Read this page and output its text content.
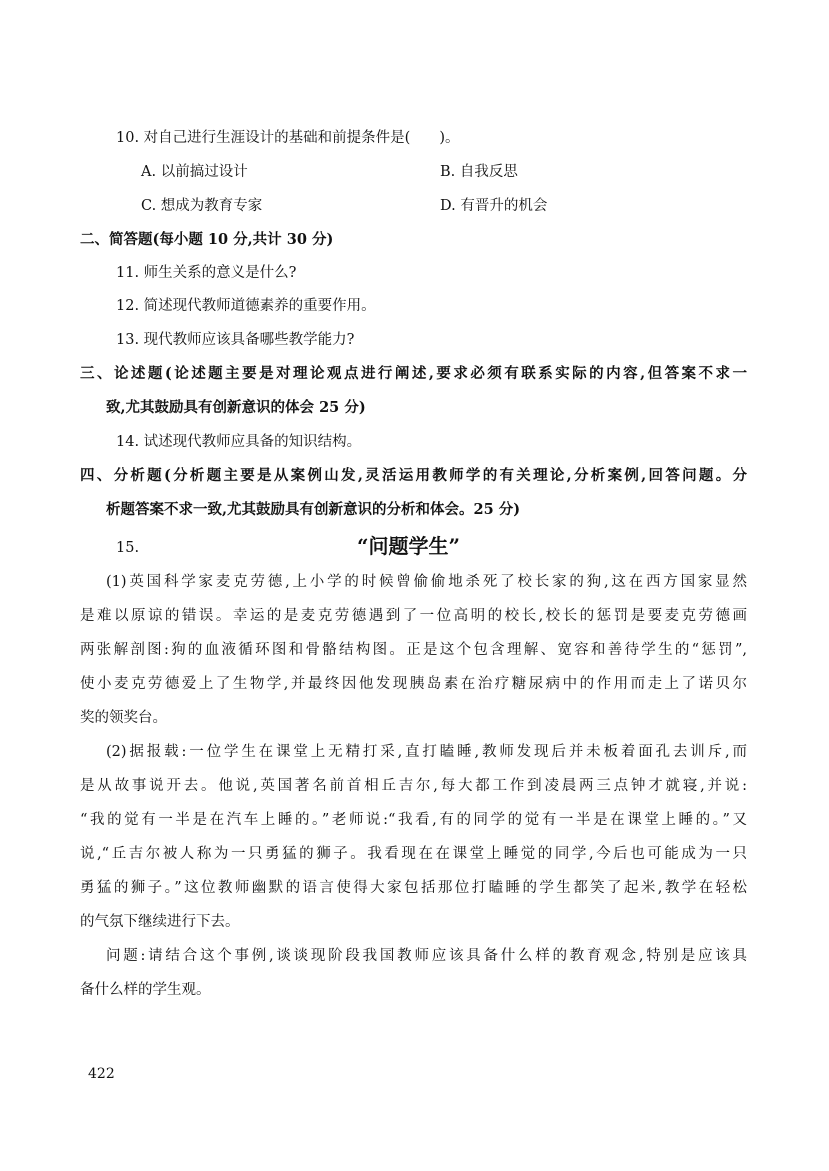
10. 对自己进行生涯设计的基础和前提条件是(　　)。
A. 以前搞过设计	B. 自我反思
C. 想成为教育专家	D. 有晋升的机会
二、简答题(每小题 10 分,共计 30 分)
11. 师生关系的意义是什么?
12. 简述现代教师道德素养的重要作用。
13. 现代教师应该具备哪些教学能力?
三、论述题(论述题主要是对理论观点进行阐述,要求必须有联系实际的内容,但答案不求一
致,尤其鼓励具有创新意识的体会 25 分)
14. 试述现代教师应具备的知识结构。
四、分析题(分析题主要是从案例山发,灵活运用教师学的有关理论,分析案例,回答问题。分
析题答案不求一致,尤其鼓励具有创新意识的分析和体会。25 分)
15.	“问题学生”
(1)英国科学家麦克劳德,上小学的时候曾偷偷地杀死了校长家的狗,这在西方国家显然
是难以原谅的错误。幸运的是麦克劳德遇到了一位高明的校长,校长的惩罚是要麦克劳德画
两张解剖图:狗的血液循环图和骨骼结构图。正是这个包含理解、宽容和善待学生的“惩罚”,
使小麦克劳德爱上了生物学,并最终因他发现胰岛素在治疗糖尿病中的作用而走上了诺贝尔
奖的领奖台。
(2)据报载:一位学生在课堂上无精打采,直打瞌睡,教师发现后并未板着面孔去训斥,而
是从故事说开去。他说,英国著名前首相丘吉尔,每大都工作到凌晨两三点钟才就寝,并说:
“我的觉有一半是在汽车上睡的。”老师说:“我看,有的同学的觉有一半是在课堂上睡的。”又
说,“丘吉尔被人称为一只勇猛的狮子。我看现在在课堂上睡觉的同学,今后也可能成为一只
勇猛的狮子。”这位教师幽默的语言使得大家包括那位打瞌睡的学生都笑了起米,教学在轻松
的气氛下继续进行下去。
问题:请结合这个事例,谈谈现阶段我国教师应该具备什么样的教育观念,特别是应该具
备什么样的学生观。
422
